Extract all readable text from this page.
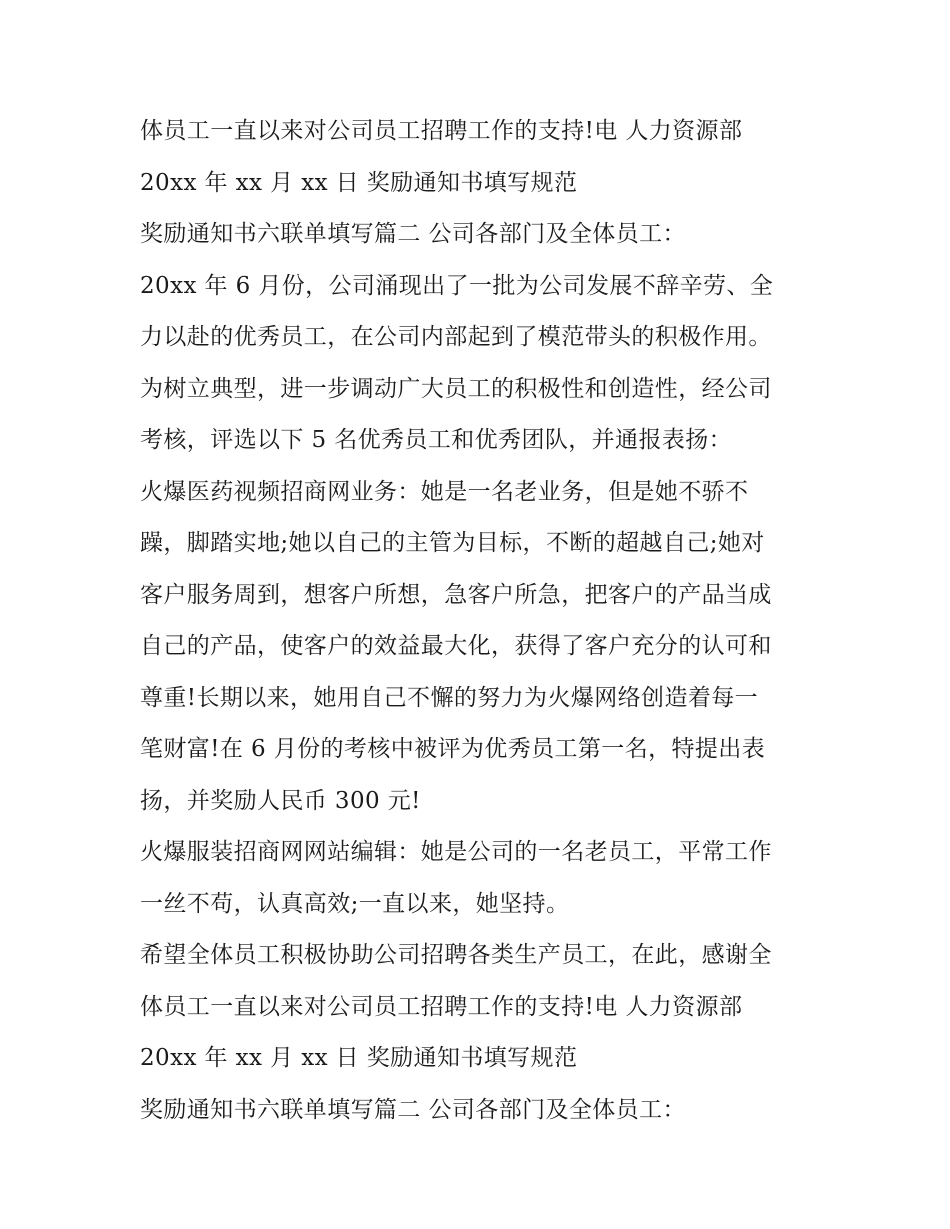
体员工一直以来对公司员工招聘工作的支持!电 人力资源部
20xx 年 xx 月 xx 日 奖励通知书填写规范
奖励通知书六联单填写篇二 公司各部门及全体员工：
20xx 年 6 月份，公司涌现出了一批为公司发展不辞辛劳、全
力以赴的优秀员工，在公司内部起到了模范带头的积极作用。
为树立典型，进一步调动广大员工的积极性和创造性，经公司
考核，评选以下 5 名优秀员工和优秀团队，并通报表扬：
火爆医药视频招商网业务：她是一名老业务，但是她不骄不
躁，脚踏实地;她以自己的主管为目标，不断的超越自己;她对
客户服务周到，想客户所想，急客户所急，把客户的产品当成
自己的产品，使客户的效益最大化，获得了客户充分的认可和
尊重!长期以来，她用自己不懈的努力为火爆网络创造着每一
笔财富!在 6 月份的考核中被评为优秀员工第一名，特提出表
扬，并奖励人民币 300 元!
火爆服装招商网网站编辑：她是公司的一名老员工，平常工作
一丝不苟，认真高效;一直以来，她坚持。
希望全体员工积极协助公司招聘各类生产员工，在此，感谢全
体员工一直以来对公司员工招聘工作的支持!电 人力资源部
20xx 年 xx 月 xx 日 奖励通知书填写规范
奖励通知书六联单填写篇二 公司各部门及全体员工：
